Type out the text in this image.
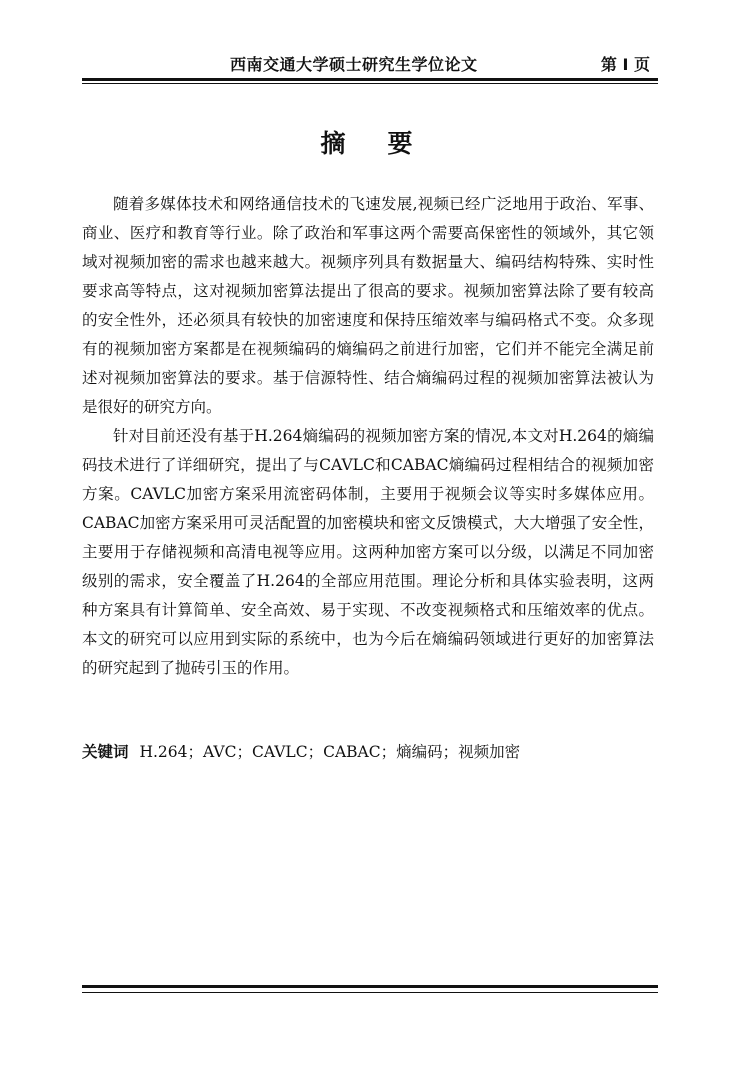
西南交通大学硕士研究生学位论文	第 I 页
摘要

随着多媒体技术和网络通信技术的飞速发展,视频已经广泛地用于政治、军事、商业、医疗和教育等行业。除了政治和军事这两个需要高保密性的领域外，其它领域对视频加密的需求也越来越大。视频序列具有数据量大、编码结构特殊、实时性要求高等特点，这对视频加密算法提出了很高的要求。视频加密算法除了要有较高的安全性外，还必须具有较快的加密速度和保持压缩效率与编码格式不变。众多现有的视频加密方案都是在视频编码的熵编码之前进行加密，它们并不能完全满足前述对视频加密算法的要求。基于信源特性、结合熵编码过程的视频加密算法被认为是很好的研究方向。

针对目前还没有基于H.264熵编码的视频加密方案的情况,本文对H.264的熵编码技术进行了详细研究，提出了与CAVLC和CABAC熵编码过程相结合的视频加密方案。CAVLC加密方案采用流密码体制，主要用于视频会议等实时多媒体应用。CABAC加密方案采用可灵活配置的加密模块和密文反馈模式，大大增强了安全性，主要用于存储视频和高清电视等应用。这两种加密方案可以分级，以满足不同加密级别的需求，安全覆盖了H.264的全部应用范围。理论分析和具体实验表明，这两种方案具有计算简单、安全高效、易于实现、不改变视频格式和压缩效率的优点。本文的研究可以应用到实际的系统中，也为今后在熵编码领域进行更好的加密算法的研究起到了抛砖引玉的作用。

关键词 H.264；AVC；CAVLC；CABAC；熵编码；视频加密
